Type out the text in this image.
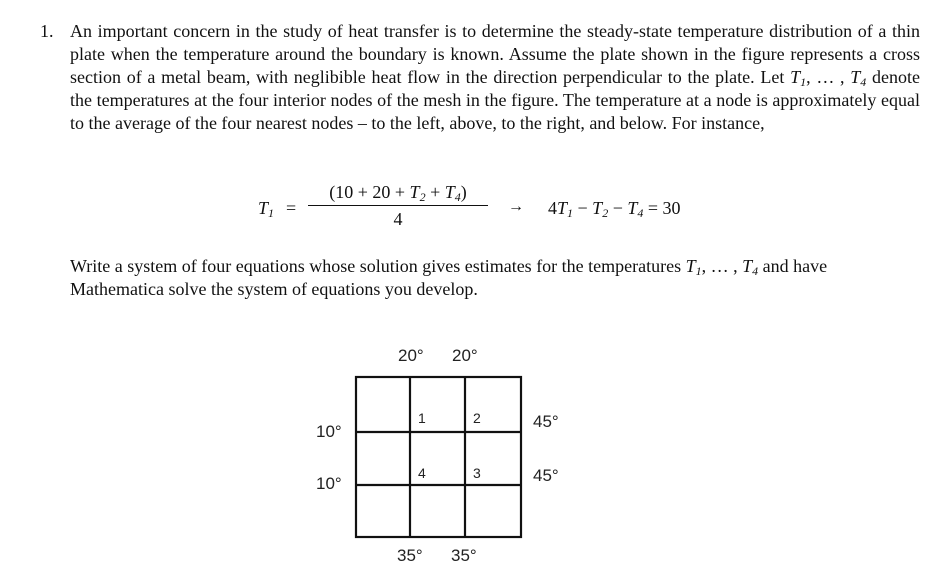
1. An important concern in the study of heat transfer is to determine the steady-state temperature distribution of a thin plate when the temperature around the boundary is known. Assume the plate shown in the figure represents a cross section of a metal beam, with neglibible heat flow in the direction perpendicular to the plate. Let $T_1$, … , $T_4$ denote the temperatures at the four interior nodes of the mesh in the figure. The temperature at a node is approximately equal to the average of the four nearest nodes – to the left, above, to the right, and below. For instance,
$T_1$ =
$(10 + 20 + T_2 + T_4)$
4
→ $4T_1 - T_2 - T_4 = 30$
Write a system of four equations whose solution gives estimates for the temperatures $T_1$, … , $T_4$ and have Mathematica solve the system of equations you develop.
20° 20°
10°
10°
45°
45°
35° 35°
1	2
3
4
